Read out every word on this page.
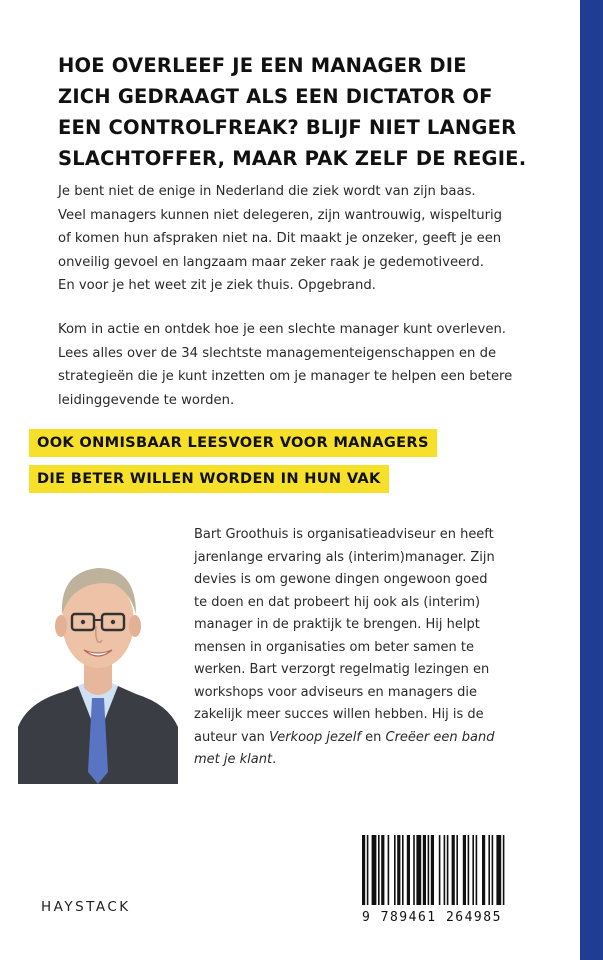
HOE OVERLEEF JE EEN MANAGER DIE
ZICH GEDRAAGT ALS EEN DICTATOR OF
EEN CONTROLFREAK? BLIJF NIET LANGER
SLACHTOFFER, MAAR PAK ZELF DE REGIE.

Je bent niet de enige in Nederland die ziek wordt van zijn baas.
Veel managers kunnen niet delegeren, zijn wantrouwig, wispelturig
of komen hun afspraken niet na. Dit maakt je onzeker, geeft je een
onveilig gevoel en langzaam maar zeker raak je gedemotiveerd.
En voor je het weet zit je ziek thuis. Opgebrand.

Kom in actie en ontdek hoe je een slechte manager kunt overleven.
Lees alles over de 34 slechtste managementeigenschappen en de
strategieën die je kunt inzetten om je manager te helpen een betere
leidinggevende te worden.

OOK ONMISBAAR LEESVOER VOOR MANAGERS
DIE BETER WILLEN WORDEN IN HUN VAK

Bart Groothuis is organisatieadviseur en heeft
jarenlange ervaring als (interim)manager. Zijn
devies is om gewone dingen ongewoon goed
te doen en dat probeert hij ook als (interim)
manager in de praktijk te brengen. Hij helpt
mensen in organisaties om beter samen te
werken. Bart verzorgt regelmatig lezingen en
workshops voor adviseurs en managers die
zakelijk meer succes willen hebben. Hij is de
auteur van Verkoop jezelf en Creëer een band
met je klant.

HAYSTACK
9 789461 264985
